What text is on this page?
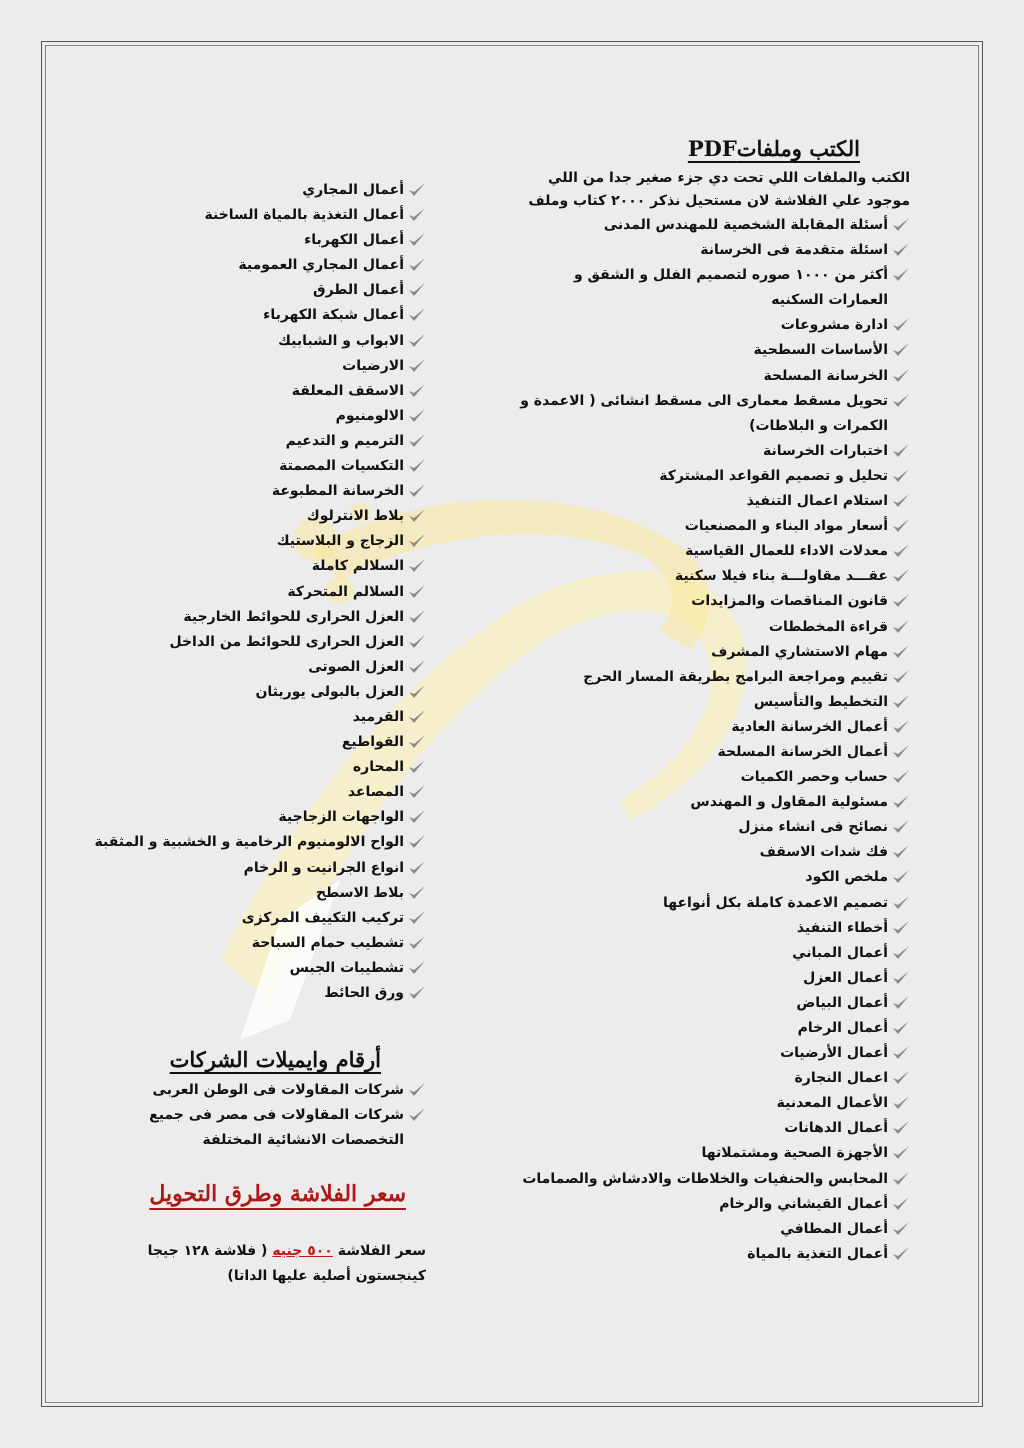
الكتب وملفاتPDF

الكتب والملفات اللي تحت دي جزء صغير جدا من اللي موجود علي الفلاشة لان مستحيل نذكر ٢٠٠٠ كتاب وملف

أسئلة المقابلة الشخصية للمهندس المدنى
اسئلة متقدمة فى الخرسانة
أكثر من ١٠٠٠ صوره لتصميم الفلل و الشقق و العمارات السكنيه
ادارة مشروعات
الأساسات السطحية
الخرسانة المسلحة
تحويل مسقط معمارى الى مسقط انشائى ( الاعمدة و الكمرات و البلاطات)
اختبارات الخرسانة
تحليل و تصميم القواعد المشتركة
استلام اعمال التنفيذ
أسعار مواد البناء و المصنعيات
معدلات الاداء للعمال القياسية
عقـــد مقاولـــة بناء فيلا سكنية
قانون المناقصات والمزايدات
قراءة المخططات
مهام الاستشاري المشرف
تقييم ومراجعة البرامج بطريقة المسار الحرج
التخطيط والتأسيس
أعمال الخرسانة العادية
أعمال الخرسانة المسلحة
حساب وحصر الكميات
مسئولية المقاول و المهندس
نصائح فى انشاء منزل
فك شدات الاسقف
ملخص الكود
تصميم الاعمدة كاملة بكل أنواعها
أخطاء التنفيذ
أعمال المباني
أعمال العزل
أعمال البياض
أعمال الرخام
أعمال الأرضيات
اعمال النجارة
الأعمال المعدنية
أعمال الدهانات
الأجهزة الصحية ومشتملاتها
المحابس والحنفيات والخلاطات والادشاش والصمامات
أعمال القيشاني والرخام
أعمال المطافي
أعمال التغذية بالمياة
أعمال المجاري
أعمال التغذية بالمياة الساخنة
أعمال الكهرباء
أعمال المجاري العمومية
أعمال الطرق
أعمال شبكة الكهرباء
الابواب و الشبابيك
الارضيات
الاسقف المعلقة
الالومنيوم
الترميم و التدعيم
التكسيات المصمتة
الخرسانة المطبوعة
بلاط الانترلوك
الزجاج و البلاستيك
السلالم كاملة
السلالم المتحركة
العزل الحرارى للحوائط الخارجية
العزل الحرارى للحوائط من الداخل
العزل الصوتى
العزل بالبولى يوريثان
القرميد
القواطيع
المحاره
المصاعد
الواجهات الزجاجية
الواح الالومنيوم الرخامية و الخشبية و المثقبة
انواع الجرانيت و الرخام
بلاط الاسطح
تركيب التكييف المركزى
تشطيب حمام السباحة
تشطيبات الجبس
ورق الحائط
أرقام وايميلات الشركات
شركات المقاولات فى الوطن العربى
شركات المقاولات فى مصر فى جميع التخصصات الانشائية المختلفة
سعر الفلاشة وطرق التحويل

سعر الفلاشة ٥٠٠ جنيه ( فلاشة ١٢٨ جيجا كينجستون أصلية عليها الداتا)
